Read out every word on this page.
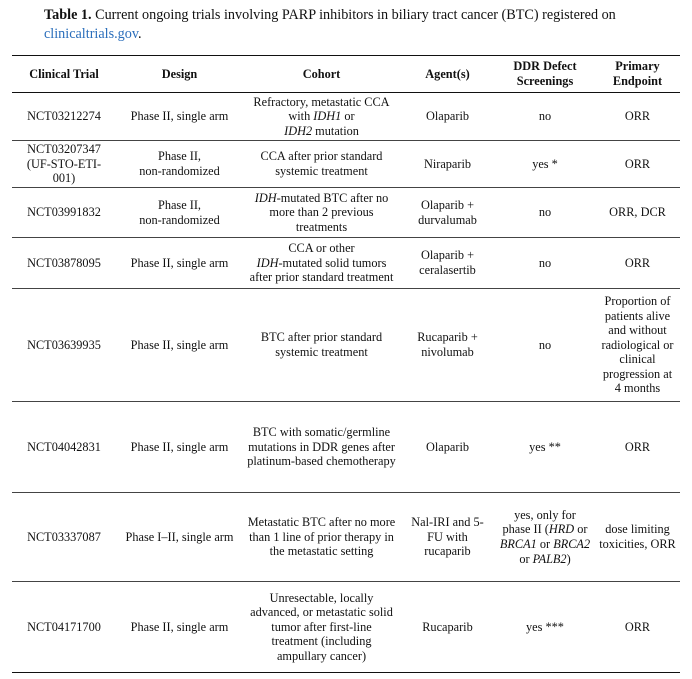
Table 1. Current ongoing trials involving PARP inhibitors in biliary tract cancer (BTC) registered on clinicaltrials.gov.
Clinical Trial	Design	Cohort	Agent(s)	DDR Defect Screenings	Primary Endpoint
NCT03212274	Phase II, single arm	Refractory, metastatic CCA with IDH1 or
IDH2 mutation	Olaparib	no	ORR
NCT03207347
(UF-STO-ETI-001)	Phase II,
non-randomized	CCA after prior standard systemic treatment	Niraparib	yes *	ORR
NCT03991832	Phase II,
non-randomized	IDH-mutated BTC after no more than 2 previous treatments	Olaparib + durvalumab	no	ORR, DCR
NCT03878095	Phase II, single arm	CCA or other
IDH-mutated solid tumors after prior standard treatment	Olaparib + ceralasertib	no	ORR
NCT03639935	Phase II, single arm	BTC after prior standard systemic treatment	Rucaparib + nivolumab	no	Proportion of patients alive and without radiological or clinical progression at 4 months
NCT04042831	Phase II, single arm	BTC with somatic/germline mutations in DDR genes after platinum-based chemotherapy	Olaparib	yes **	ORR
NCT03337087	Phase I–II, single arm	Metastatic BTC after no more than 1 line of prior therapy in the metastatic setting	Nal-IRI and 5-FU with rucaparib	yes, only for phase II (HRD or BRCA1 or BRCA2 or PALB2)	dose limiting toxicities, ORR
NCT04171700	Phase II, single arm	Unresectable, locally advanced, or metastatic solid tumor after first-line treatment (including ampullary cancer)	Rucaparib	yes ***	ORR
